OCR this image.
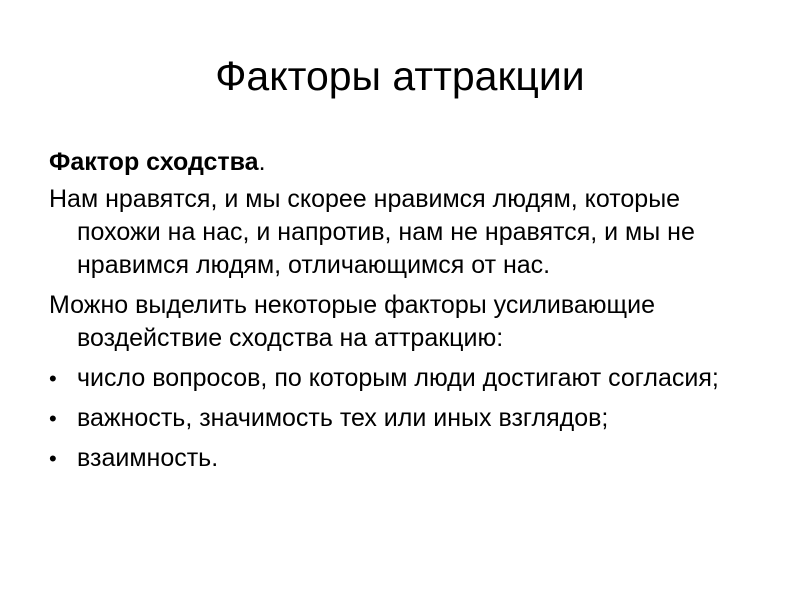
Факторы аттракции

Фактор сходства.

Нам нравятся, и мы скорее нравимся людям, которые похожи на нас, и напротив, нам не нравятся, и мы не нравимся людям, отличающимся от нас.

Можно выделить некоторые факторы усиливающие воздействие сходства на аттракцию:

• число вопросов, по которым люди достигают согласия;
• важность, значимость тех или иных взглядов;
• взаимность.
